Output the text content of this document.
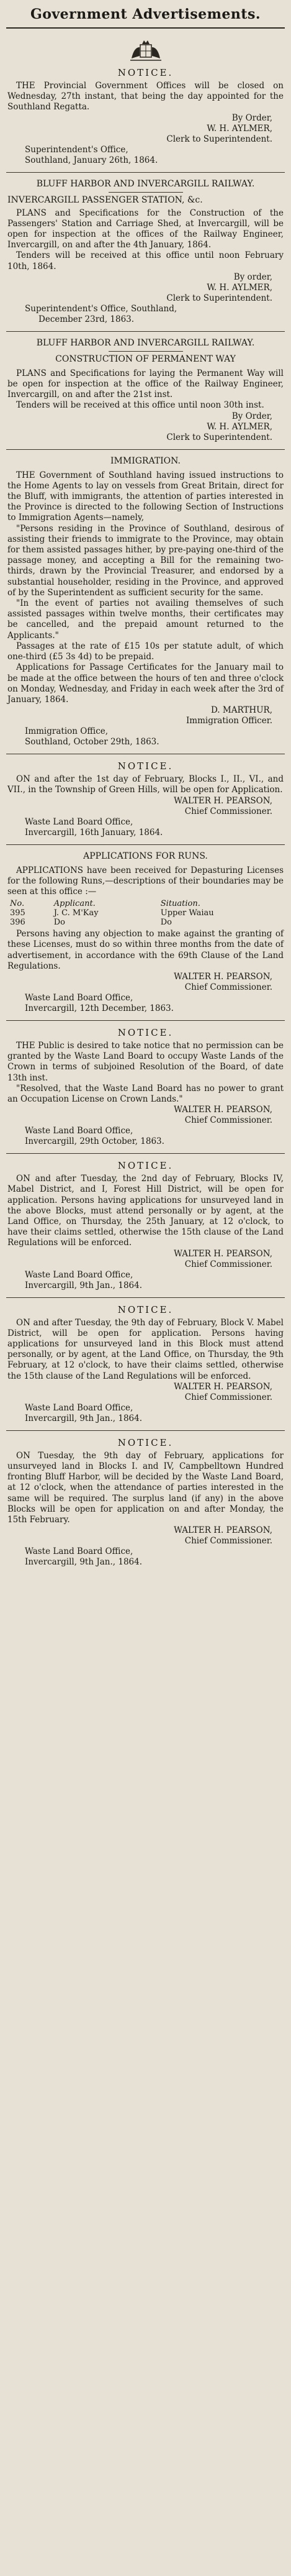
Government Advertisements.
NOTICE.

THE Provincial Government Offices will be closed on Wednesday, 27th instant, that being the day appointed for the Southland Regatta.

By Order,
W. H. AYLMER,
Clerk to Superintendent.
Superintendent's Office,
Southland, January 26th, 1864.
BLUFF HARBOR AND INVERCARGILL RAILWAY.
INVERCARGILL PASSENGER STATION, &c.

PLANS and Specifications for the Construction of the Passengers' Station and Carriage Shed, at Invercargill, will be open for inspection at the offices of the Railway Engineer, Invercargill, on and after the 4th January, 1864.

Tenders will be received at this office until noon February 10th, 1864.

By order,
W. H. AYLMER,
Clerk to Superintendent.
Superintendent's Office, Southland,
December 23rd, 1863.
BLUFF HARBOR AND INVERCARGILL RAILWAY.
CONSTRUCTION OF PERMANENT WAY

PLANS and Specifications for laying the Permanent Way will be open for inspection at the office of the Railway Engineer, Invercargill, on and after the 21st inst.

Tenders will be received at this office until noon 30th inst.

By Order,
W. H. AYLMER,
Clerk to Superintendent.
IMMIGRATION.

THE Government of Southland having issued instructions to the Home Agents to lay on vessels from Great Britain, direct for the Bluff, with immigrants, the attention of parties interested in the Province is directed to the following Section of Instructions to Immigration Agents—namely,

"Persons residing in the Province of Southland, desirous of assisting their friends to immigrate to the Province, may obtain for them assisted passages hither, by pre-paying one-third of the passage money, and accepting a Bill for the remaining two-thirds, drawn by the Provincial Treasurer, and endorsed by a substantial householder, residing in the Province, and approved of by the Superintendent as sufficient security for the same.

"In the event of parties not availing themselves of such assisted passages within twelve months, their certificates may be cancelled, and the prepaid amount returned to the Applicants."

Passages at the rate of £15 10s per statute adult, of which one-third (£5 3s 4d) to be prepaid.

Applications for Passage Certificates for the January mail to be made at the office between the hours of ten and three o'clock on Monday, Wednesday, and Friday in each week after the 3rd of January, 1864.

D. MARTHUR,
Immigration Officer.
Immigration Office,
Southland, October 29th, 1863.
NOTICE.

ON and after the 1st day of February, Blocks I., II., VI., and VII., in the Township of Green Hills, will be open for Application.

WALTER H. PEARSON,
Chief Commissioner.
Waste Land Board Office,
Invercargill, 16th January, 1864.
APPLICATIONS FOR RUNS.

APPLICATIONS have been received for Depasturing Licenses for the following Runs,—descriptions of their boundaries may be seen at this office :—

No.	Applicant.	Situation.
395	J. C. M'Kay	Upper Waiau
396	Do	Do

Persons having any objection to make against the granting of these Licenses, must do so within three months from the date of advertisement, in accordance with the 69th Clause of the Land Regulations.

WALTER H. PEARSON,
Chief Commissioner.
Waste Land Board Office,
Invercargill, 12th December, 1863.
NOTICE.

THE Public is desired to take notice that no permission can be granted by the Waste Land Board to occupy Waste Lands of the Crown in terms of subjoined Resolution of the Board, of date 13th inst.

"Resolved, that the Waste Land Board has no power to grant an Occupation License on Crown Lands."

WALTER H. PEARSON,
Chief Commissioner.
Waste Land Board Office,
Invercargill, 29th October, 1863.
NOTICE.

ON and after Tuesday, the 2nd day of February, Blocks IV, Mabel District, and I, Forest Hill District, will be open for application. Persons having applications for unsurveyed land in the above Blocks, must attend personally or by agent, at the Land Office, on Thursday, the 25th January, at 12 o'clock, to have their claims settled, otherwise the 15th clause of the Land Regulations will be enforced.

WALTER H. PEARSON,
Chief Commissioner.
Waste Land Board Office,
Invercargill, 9th Jan., 1864.
NOTICE.

ON and after Tuesday, the 9th day of February, Block V. Mabel District, will be open for application. Persons having applications for unsurveyed land in this Block must attend personally, or by agent, at the Land Office, on Thursday, the 9th February, at 12 o'clock, to have their claims settled, otherwise the 15th clause of the Land Regulations will be enforced.

WALTER H. PEARSON,
Chief Commissioner.
Waste Land Board Office,
Invercargill, 9th Jan., 1864.
NOTICE.

ON Tuesday, the 9th day of February, applications for unsurveyed land in Blocks I. and IV, Campbelltown Hundred fronting Bluff Harbor, will be decided by the Waste Land Board, at 12 o'clock, when the attendance of parties interested in the same will be required. The surplus land (if any) in the above Blocks will be open for application on and after Monday, the 15th February.

WALTER H. PEARSON,
Chief Commissioner.
Waste Land Board Office,
Invercargill, 9th Jan., 1864.
